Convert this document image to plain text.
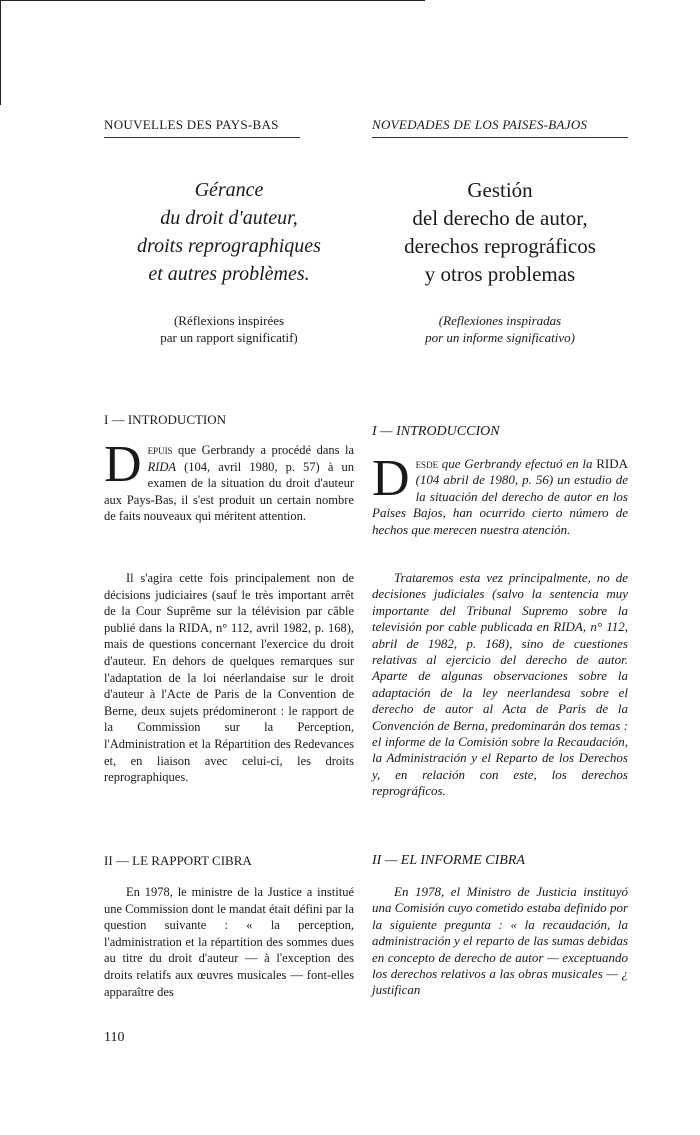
NOUVELLES DES PAYS-BAS
Gérance
du droit d'auteur,
droits reprographiques
et autres problèmes.
(Réflexions inspirées
par un rapport significatif)
I — INTRODUCTION
Depuis que Gerbrandy a procédé dans la RIDA (104, avril 1980, p. 57) à un examen de la situation du droit d'auteur aux Pays-Bas, il s'est produit un certain nombre de faits nouveaux qui méritent attention.
Il s'agira cette fois principalement non de décisions judiciaires (sauf le très important arrêt de la Cour Suprême sur la télévision par câble publié dans la RIDA, n° 112, avril 1982, p. 168), mais de questions concernant l'exercice du droit d'auteur. En dehors de quelques remarques sur l'adaptation de la loi néerlandaise sur le droit d'auteur à l'Acte de Paris de la Convention de Berne, deux sujets prédomineront : le rapport de la Commission sur la Perception, l'Administration et la Répartition des Redevances et, en liaison avec celui-ci, les droits reprographiques.
II — LE RAPPORT CIBRA
En 1978, le ministre de la Justice a institué une Commission dont le mandat était défini par la question suivante : « la perception, l'administration et la répartition des sommes dues au titre du droit d'auteur — à l'exception des droits relatifs aux œuvres musicales — font-elles apparaître des
NOVEDADES DE LOS PAISES-BAJOS
Gestión
del derecho de autor,
derechos reprográficos
y otros problemas
(Reflexiones inspiradas
por un informe significativo)
I — INTRODUCCION
Desde que Gerbrandy efectuó en la RIDA (104 abril de 1980, p. 56) un estudio de la situación del derecho de autor en los Paises Bajos, han ocurrido cierto número de hechos que merecen nuestra atención.
Trataremos esta vez principalmente, no de decisiones judiciales (salvo la sentencia muy importante del Tribunal Supremo sobre la televisión por cable publicada en RIDA, n° 112, abril de 1982, p. 168), sino de cuestiones relativas al ejercicio del derecho de autor. Aparte de algunas observaciones sobre la adaptación de la ley neerlandesa sobre el derecho de autor al Acta de Paris de la Convención de Berna, predominarán dos temas : el informe de la Comisión sobre la Recaudación, la Administración y el Reparto de los Derechos y, en relación con este, los derechos reprográficos.
II — EL INFORME CIBRA
En 1978, el Ministro de Justicia instituyó una Comisión cuyo cometido estaba definido por la siguiente pregunta : « la recaudación, la administración y el reparto de las sumas debidas en concepto de derecho de autor — exceptuando los derechos relativos a las obras musicales — ¿ justifican
110
